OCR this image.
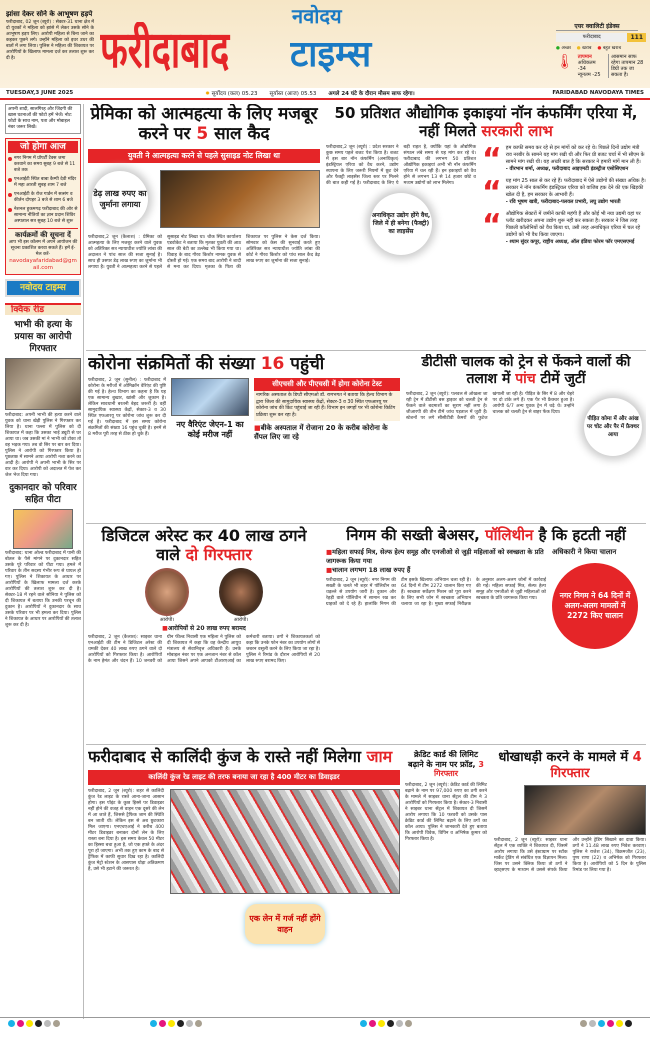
झांसा देकर सोने के आभूषण हड़पे

फरीदाबाद, 02 जून (ब्यूरो) : सेक्टर-31 थाना क्षेत्र में दो युवकों ने महिला को झांसे में लेकर उसके सोने के आभूषण हड़प लिए। आरोपी महिला से बिना जाने का कहकर पूछने लगे। उन्होंने महिला को इधर उधर की बातों में लगा लिया। पुलिस ने महिला की शिकायत पर आरोपियों के खिलाफ मामला दर्ज कर तलाश शुरू कर दी है।	फरीदाबाद
नवोदय
टाइम्स
एयर क्वालिटी इंडेक्स
फरीदाबाद	111
● अच्छा ● खराब ● बहुत खराब
🌡 तापमान
अधिकतम -34
न्यूनतम -25
आसमान साफ रहेगा तापमान 28 डिग्री तक जा सकता है।
TUESDAY,3 JUNE 2025	✹ सूर्योदय (कल) 05.23 सूर्यास्त (आज) 05.53 अगले 24 घंटे के दौरान मौसम साफ रहेगा।	FARIDABAD NAVODAYA TIMES
अपनी शादी, सालगिरह और जिंदगी की खास घटनाओं की फोटो हमें भेजें। नोट: फोटो के साथ नाम, पता और मोबाइल नंबर जरूर लिखें।
जो होगा आज
नगर निगम में प्रॉपर्टी टैक्स जमा करवाने का समय सुबह 9 बजे से 11 बजे तक
एनआईटी स्थित बाबा कैम्पी देवी मंदिर में महा आरती सुबह शाम 7 बजे
एनआईटी के रोज गार्डन में सत्संग व कीर्तन दोपहर 3 बजे से शाम 6 बजे
नेशनल हुकमगढ़ फरीदाबाद की ओर से सामान्य नीतियों का ज्ञान प्रदान शिविर अस्पताल सत्र सुबह 10 बजे से शुरू
कार्यक्रमों की सूचना दें
आप भी इस कॉलम में अपने आयोजन की सूचना प्रकाशित करवा सकते हैं। हमें ई-मेल करें-
navodayafaridabad@gmail.com
नवोदय टाइम्स
क्विक रीड
भाभी की हत्या के प्रयास का आरोपी गिरफ्तार

फरीदाबाद: अपनी भाभी की हत्या करने वाले युवक को थाना खेड़ी पुलिस ने गिरफ्तार कर लिया है। थाना पल्ला में पुलिस को दी शिकायत में कहा कि उसका भाई ड्यूटी से घर आया था। जब उसकी मां ने भाभी को टोका तो वह भड़क गया। तब वो सिर पर बार कर दिया। पुलिस ने आरोपी को गिरफ्तार किया है। पूछताछ में सामने आया आरोपी नशा करने का आदी है। आरोपी ने अपनी भाभी के सिर पर वार कर दिया। आरोपी को अदालत में पेश कर जेल भेज दिया गया।

दुकानदार को परिवार सहित पीटा

फरीदाबाद: थाना ओल्ड फरीदाबाद में पानी की बोतल के पैसे मांगने पर दुकानदार सहित उसके पूरे परिवार को पीटा गया। हमले में परिवार के तीन सदस्य गंभीर रूप से घायल हो गए। पुलिस ने शिकायत के आधार पर आरोपियों के खिलाफ मामला दर्ज करके आरोपियों की तलाश शुरू कर दी है। सेक्टर-18 में रहने वाले सोनिया ने पुलिस को दी शिकायत में बताया कि उनकी परचून की दुकान है। आरोपियों ने दुकानदार के साथ उसके परिवार पर भी हमला कर दिया। पुलिस ने शिकायत के आधार पर आरोपियों की तलाश शुरू कर दी है।

प्रेमिका को आत्महत्या के लिए मजबूर करने पर 5 साल कैद
युवती ने आत्महत्या करने से पहले सुसाइड नोट लिखा था
डेढ़ लाख रुपए का जुर्माना लगाया

फरीदाबाद,2 जून (कैलाश) : प्रेमिका को आत्महत्या के लिए मजबूर करने वाले युवक को अतिरिक्त सत्र न्यायाधीश ज्योति लांबा की अदालत ने पांच साल की सजा सुनाई है। साथ ही उसपर डेढ़ लाख रुपए का जुर्माना भी लगाया है। युवती ने आत्महत्या करने से पहले सुसाइड नोट लिखा था। चौक स्थित कार्यालय एडवोकेट ने बताया कि मृतका युवती की आठ साल की बेटी का उल्लेख भी किया गया था। विवाह के बाद गौरव किशोर नामक युवक से दोस्ती हो गई। एक समय बाद आरोपी ने शादी से मना कर दिया। मृतका के पिता की शिकायत पर पुलिस ने केस दर्ज किया। सोमवार को केस की सुनवाई करते हुए अतिरिक्त सत्र न्यायाधीश ज्योति लांबा की कोर्ट ने गौरव किशोर को पांच साल कैद डेढ़ लाख रुपए का जुर्माना की सजा सुनाई।

50 प्रतिशत औद्योगिक इकाइयां नॉन कंफर्मिंग एरिया में, नहीं मिलते सरकारी लाभ

फरीदाबाद,2 जून (ब्यूरो) : प्रदेश सरकार ने कुछ समय पहले बजट पेश किया है। बजट में इस बार नॉन कंफर्मिंग (अनाधिकृत) इंडस्ट्रियल एरिया को वैध करने, उद्योग स्थापना के लिए जरूरी नियमों में छूट देने और फैक्ट्री लाइसेंस जिला स्तर पर मिलने की बात कही गई है। फरीदाबाद के लिए ये बड़ी राहत है, क्योंकि यहां के औद्योगिक संगठन लंबे समय से यह मांग कर रहे थे। फरीदाबाद की लगभग 50 प्रतिशत औद्योगिक इकाइयां अभी भी नॉन कंफर्मिंग एरिया में चल रही हैं। इन इकाइयों को वैध होने से लगभग 13 से 14 हजार छोटे व मध्यम उद्योगों को लाभ मिलेगा।

अनाधिकृत उद्योग होंगे वैध, जिले में ही बनेगा (फैक्ट्री) का लाइसेंस
“ हम काफी समय कर रहे से इन मांगों को कर रहे थे। पिछले दिनों उद्योग मंत्री राव नरबीर के सामने यह मांग रखी थी और फिर प्री बजट चर्चा में भी सीएम के सामने मांग रखी थी। यह अच्छी बात है कि सरकार ने हमारी मांगें मान ली हैं।
- वीरभान शर्मा, अध्यक्ष, फरीदाबाद आइएमटी इंडस्ट्रीज एसोसिएशन
“ यह मांग 25 साल से कर रहे हैं। फरीदाबाद में ऐसे उद्योगों की संख्या अधिक है। सरकार ने नॉन कंफर्मिंग इंडस्ट्रियल एरिया को वाजिब हक देने की एक खिड़की खोल दी है, हम सरकार के आभारी हैं।
- रवि भूषण खत्री, फरीदाबाद-पलवल प्रभारी, लघु उद्योग भारती
“ औद्योगिक सेक्टरों में जमीनें काफी महंगी हैं और कोई भी नया उद्यमी वहां पर प्लॉट खरीदकर अपना उद्योग शुरू नहीं कर सकता है। सरकार ने जिस तरह पिछली कॉलोनियों को वैध किया था, उसी तरह अनाधिकृत एरिया में चल रहे उद्योगों को भी वैध किया जाएगा।
- श्याम सुंदर कपूर, राष्ट्रीय अध्यक्ष, ऑल इंडिया फोरम फॉर एमएसएमई
कोरोना संक्रमितों की संख्या 16 पहुंची

फरीदाबाद, 2 जून (सुनील) : फरीदाबाद में कोरोना के मरीजों में ओमिक्रॉन वेरिएंट की पुष्टि की गई है। हेल्थ विभाग का कहना है कि यह एक सामान्य बुखार, खांसी और जुकाम है। लेकिन सावधानी बरतनी बेहद जरूरी है। वहीं सामुदायिक स्वास्थ्य केंद्रों, सेक्टर-3 व 30 स्थित एफआरयू पर कोरोना जांच शुरू कर दी गई है। फरीदाबाद में इस समय कोरोना संक्रमितों की संख्या 16 पहुंच चुकी है। इनमें से 8 मरीज पूरी तरह से ठीक हो चुके हैं।

नए वैरिएंट जेएन-1 का कोई मरीज नहीं
सीएचसी और पीएचसी में होगा कोरोना टेस्ट
नागरिक अस्पताल के डिप्टी सीएमओ डॉ. रामभगत ने बताया कि हेल्थ विभाग के द्वारा जिला की सामुदायिक स्वास्थ्य केंद्रों, सेक्टर-3 व 30 स्थित एफआरयू पर कोरोना जांच की किट पहुंचाई जा रही हैं। विभाग इन जगहों पर भी कोरोना किटिंग प्रक्रिया शुरू कर रहा है।
■बीके अस्पताल में रोजाना 20 के करीब कोरोना के सैंपल लिए जा रहे
डीटीसी चालक को ट्रेन से फेंकने वालों की तलाश में पांच टीमें जुटीं

फरीदाबाद, 2 जून (ब्यूरो): पलवल से ओखला जा रही ट्रेन में डीटीसी बस ड्राइवर को चलती ट्रेन से फेंकने वाले बदमाशों का सुराग नहीं लगा है। जीआरपी की तीन टीमें जांच पड़ताल में जुटी हैं। स्टेशनों पर लगे सीसीटीवी कैमरों की फुटेज खंगाली जा रही है। पीड़ित के सिर में 8 और चेहरे पर दो टांके लगे हैं। एक पैर भी फ्रैक्चर हुआ है। आरोपी 6/7 अन्य युवक ट्रेन में चढ़े थे। उन्होंने चालक को चलती ट्रेन से बाहर फेंक दिया।

पीड़ित कोमा में और आंख पर चोट और पैर में फ्रैक्चर आया
डिजिटल अरेस्ट कर 40 लाख ठगने वाले दो गिरफ्तार
आरोपी।	आरोपी।
■आरोपियों से 20 लाख रुपए बरामद

फरीदाबाद, 2 जून (कैलाश): साइबर थाना एनआईटी की टीम ने डिजिटल अरेस्ट की धमकी देकर 40 लाख रुपए ठगने वाले दो आरोपियों को गिरफ्तार किया है। आरोपियों के नाम हेमंत और चंदन हैं। 10 जनवरी को ग्रीन फील्ड निवासी एक महिला ने पुलिस को दी शिकायत में कहा कि वह केन्द्रीय आयुध मंत्रालय से सेवानिवृत्त अधिकारी हैं। उनके मोबाइल नंबर पर एक अनजान नंबर से कॉल आया जिसने अपने आपको टीआरएआई का कर्मचारी बताया। ठगों ने शिकायतकर्ता को कहा कि उनके फोन नंबर का उपयोग लोगों से जबरन वसूली करने के लिए किया जा रहा है। पुलिस ने रिमांड के दौरान आरोपियों से 20 लाख रुपए बरामद किए।

निगम की सख्ती बेअसर, पॉलिथीन है कि हटती नहीं
■महिला सफाई मित्र, सेल्फ हेल्प समूह और एनजीओ से जुड़ी महिलाओं को स्वच्छता के प्रति जागरूक किया गया
■चालान लगभग 18 लाख रुपए हैं

फरीदाबाद, 2 जून (ब्यूरो): नगर निगम की सख्ती के चलते भी शहर में पॉलिथीन का धड़ल्ले से उपयोग जारी है। दुकान और रेहड़ी वाले पॉलिथीन में सामान रख कर ग्राहकों को दे रहे हैं। हालांकि निगम की टीम इसके खिलाफ अभियान चला रही है। 64 दिनों में टीम 2272 चालान किए गए हैं। स्वच्छता सर्वेक्षण मिशन को पूरा करने के लिए सभी जोन में स्वच्छता अभियान चलाया जा रहा है। मुख्य सफाई निरीक्षक के अनुसार अलग-अलग जोनों में कार्रवाई की गई। महिला सफाई मित्र, सेल्फ हेल्प समूह और एनजीओ से जुड़ी महिलाओं को स्वच्छता के प्रति जागरूक किया गया।

अधिकारी ने किया चालान
नगर निगम ने 64 दिनों में अलग-अलग मामलों में 2272 किए चालान
फरीदाबाद से कालिंदी कुंज के रास्ते नहीं मिलेगा जाम
कालिंदी कुंज रेड लाइट की तरफ बनाया जा रहा है 400 मीटर का डिवाइडर

फरीदाबाद, 2 जून (ब्यूरो): शहर से कालिंदी कुंज रेड लाइट के रास्ते आना-जाना आसान होगा। इस पॉइंट के कुछ हिस्से पर डिवाइडर नहीं होने की वजह से वाहन एक दूसरे की लेन में आ जाते हैं, जिससे ट्रैफिक जाम की स्थिति बन जाती थी। लेकिन इस से अब छुटकारा मिल जाएगा। एनएचएआई ने करीब 400 मीटर डिवाइडर बनाकर दोनों लेन के लिए रास्ता बना दिया है। इस समय केवल 50 मीटर का हिस्सा बचा हुआ है, जो एक हफ्ते के अंदर पूरा हो जाएगा। अभी तक हुए काम के बाद से ट्रैफिक में काफी सुधार दिख रहा है। कालिंदी कुंज मेट्रो स्टेशन के आसपास थोड़ा अतिक्रमण है, उसे भी हटाने की जरूरत है।

एक लेन में गर्ज नहीं होंगे वाहन
क्रेडिट कार्ड की लिमिट बढ़ाने के नाम पर फ्रॉड, 3 गिरफ्तार

फरीदाबाद, 2 जून (ब्यूरो): क्रेडिट कार्ड की लिमिट बढ़ाने के नाम पर 97,000 रुपए का ठगी करने के मामले में साइबर थाना सेंट्रल की टीम ने 3 आरोपियों को गिरफ्तार किया है। सेक्टर-3 निवासी ने साइबर थाना सेंट्रल में शिकायत दी जिसमें आरोप लगाया कि 10 फरवरी को उसके पास क्रेडिट कार्ड की लिमिट बढ़ाने के लिए ठगों का कॉल आया। पुलिस ने जानकारी देते हुए बताया कि आरोपी विवेक, विपिन व अभिषेक कुमार को गिरफ्तार किया है।

धोखाधड़ी करने के मामले में 4 गिरफ्तार

फरीदाबाद, 2 जून (ब्यूरो): साइबर थाना सेंट्रल में एक व्यक्ति ने शिकायत दी, जिसमें आरोप लगाया कि उसे इंस्टाग्राम पर स्टॉक मार्केट ट्रेडिंग से संबंधित एक विज्ञापन मिला। जिस पर उसने क्लिक किया तो ठगों ने व्हाट्सएप के माध्यम से उससे संपर्क किया और उन्होंने ट्रेडिंग सिखाने का दावा किया। ठगों ने 11.48 लाख रुपए निवेश करवाए। पुलिस ने राजेश (34), विक्रमजीत (23), पुष्प राणा (22) व अभिषेक को गिरफ्तार किया है। आरोपियों को 5 दिन के पुलिस रिमांड पर लिया गया है।
